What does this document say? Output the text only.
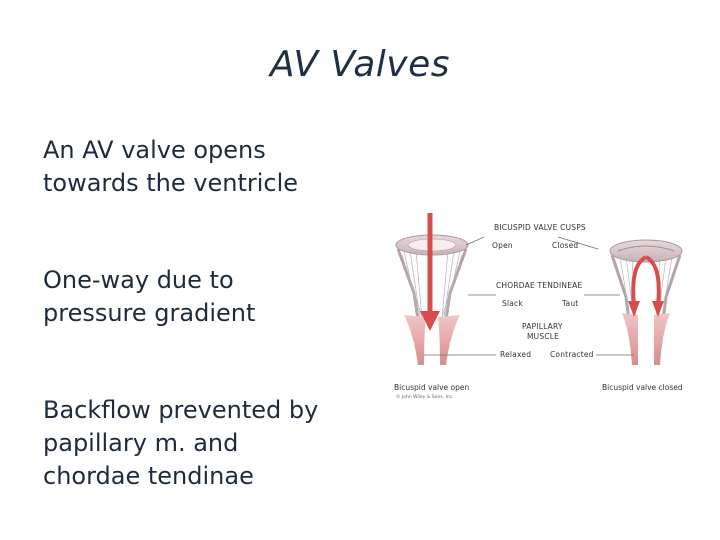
AV Valves
An AV valve opens
towards the ventricle
One-way due to
pressure gradient
Backflow prevented by
papillary m. and
chordae tendinae
BICUSPID VALVE CUSPS
Open	Closed
CHORDAE TENDINEAE
Slack	Taut
PAPILLARY
MUSCLE
Relaxed	Contracted
Bicuspid valve open
© John Wiley & Sons, Inc.
Bicuspid valve closed
